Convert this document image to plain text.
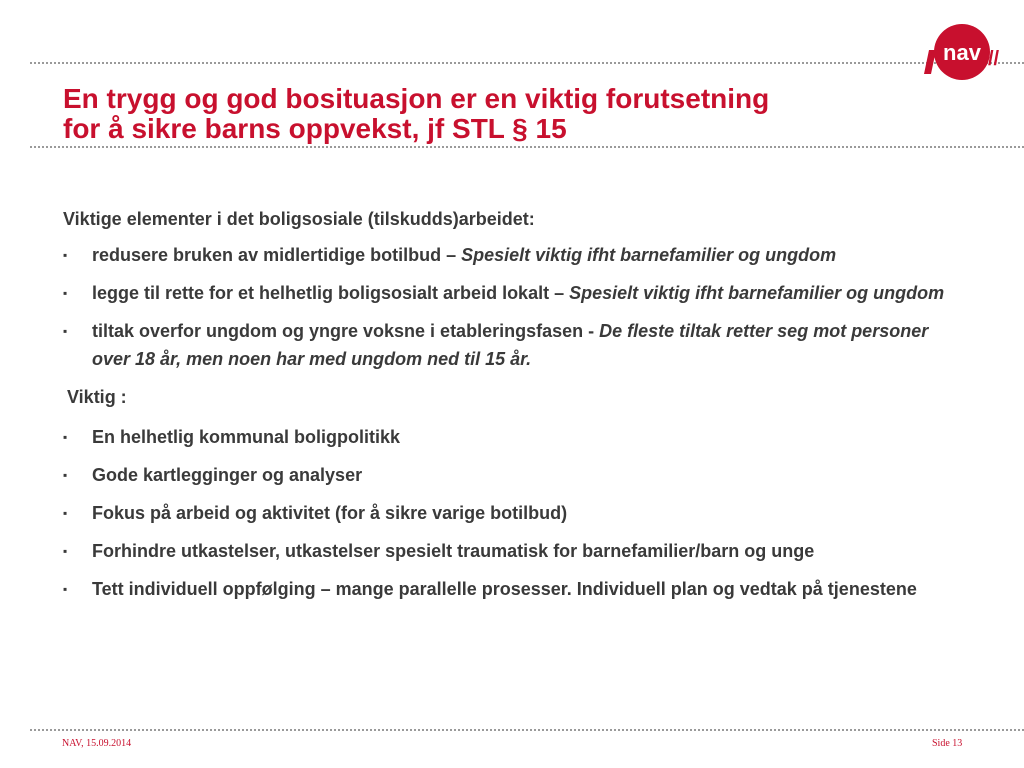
nav //
En trygg og god bosituasjon er en viktig forutsetning
for å sikre barns oppvekst, jf STL § 15

Viktige elementer i det boligsosiale (tilskudds)arbeidet:

▪ redusere bruken av midlertidige botilbud – Spesielt viktig ifht barnefamilier og ungdom
▪ legge til rette for et helhetlig boligsosialt arbeid lokalt – Spesielt viktig ifht barnefamilier og ungdom
▪ tiltak overfor ungdom og yngre voksne i etableringsfasen - De fleste tiltak retter seg mot personer over 18 år, men noen har med ungdom ned til 15 år.

Viktig :

▪ En helhetlig kommunal boligpolitikk
▪ Gode kartlegginger og analyser
▪ Fokus på arbeid og aktivitet (for å sikre varige botilbud)
▪ Forhindre utkastelser, utkastelser spesielt traumatisk for barnefamilier/barn og unge
▪ Tett individuell oppfølging – mange parallelle prosesser. Individuell plan og vedtak på tjenestene
NAV, 15.09.2014	Side 13
